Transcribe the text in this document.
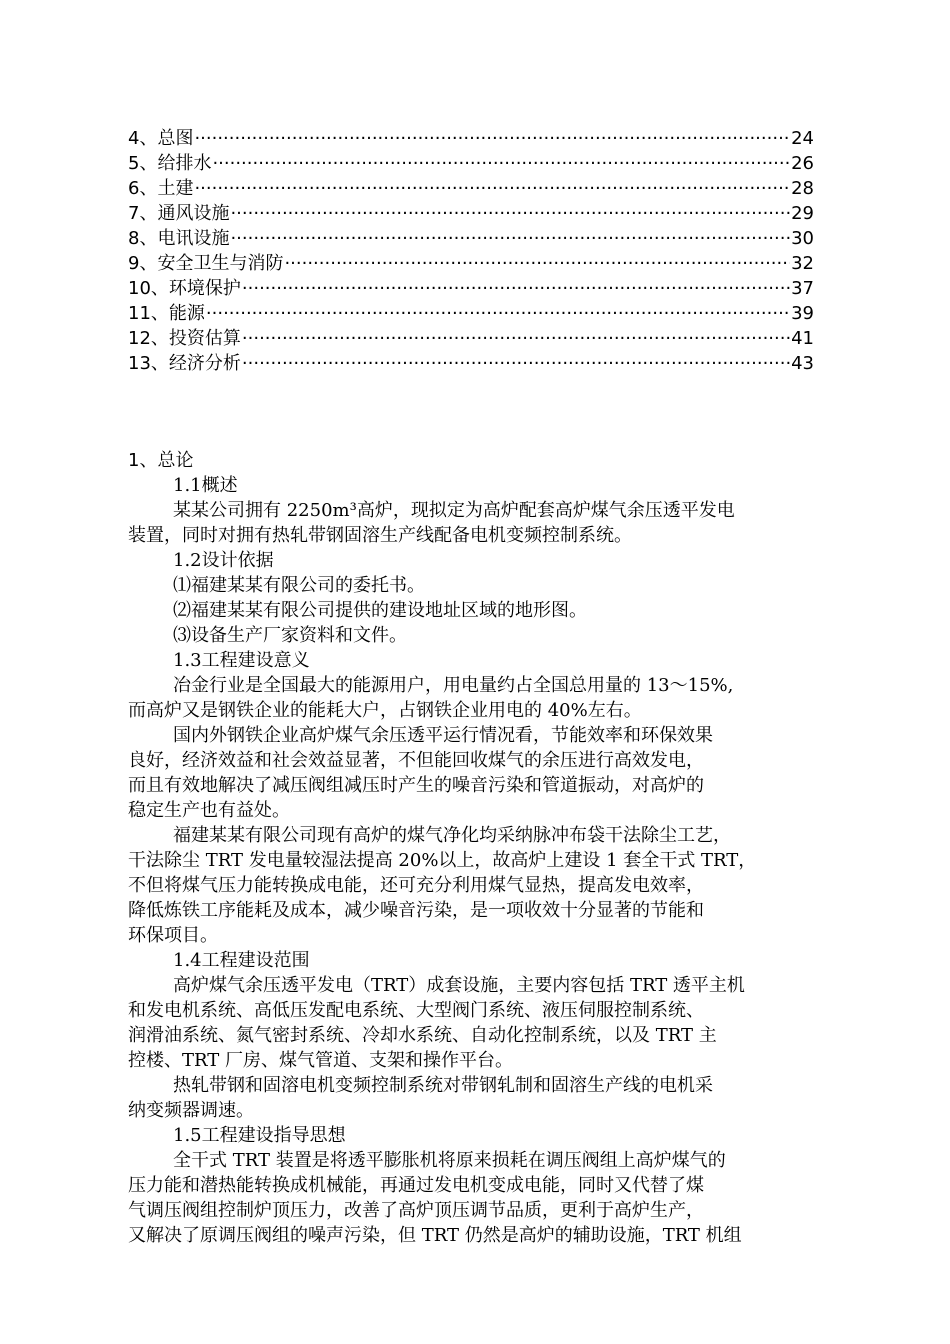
4、总图 ·····	24
5、给排水 ·····	26
6、土建 ·····	28
7、通风设施 ·····	29
8、电讯设施 ·····	30
9、安全卫生与消防 ·····	32
10、环境保护 ·····	37
11、能源 ·····	39
12、投资估算 ·····	41
13、经济分析 ·····	43
1、总论
1.1概述
某某公司拥有 2250m³高炉，现拟定为高炉配套高炉煤气余压透平发电
装置，同时对拥有热轧带钢固溶生产线配备电机变频控制系统。
1.2设计依据
⑴福建某某有限公司的委托书。
⑵福建某某有限公司提供的建设地址区域的地形图。
⑶设备生产厂家资料和文件。
1.3工程建设意义
冶金行业是全国最大的能源用户，用电量约占全国总用量的 13～15%,
而高炉又是钢铁企业的能耗大户，占钢铁企业用电的 40%左右。
国内外钢铁企业高炉煤气余压透平运行情况看，节能效率和环保效果
良好，经济效益和社会效益显著，不但能回收煤气的余压进行高效发电，
而且有效地解决了减压阀组减压时产生的噪音污染和管道振动，对高炉的
稳定生产也有益处。
福建某某有限公司现有高炉的煤气净化均采纳脉冲布袋干法除尘工艺，
干法除尘 TRT 发电量较湿法提高 20%以上，故高炉上建设 1 套全干式 TRT，
不但将煤气压力能转换成电能，还可充分利用煤气显热，提高发电效率，
降低炼铁工序能耗及成本，减少噪音污染，是一项收效十分显著的节能和
环保项目。
1.4工程建设范围
高炉煤气余压透平发电（TRT）成套设施，主要内容包括 TRT 透平主机
和发电机系统、高低压发配电系统、大型阀门系统、液压伺服控制系统、
润滑油系统、氮气密封系统、冷却水系统、自动化控制系统，以及 TRT 主
控楼、TRT 厂房、煤气管道、支架和操作平台。
热轧带钢和固溶电机变频控制系统对带钢轧制和固溶生产线的电机采
纳变频器调速。
1.5工程建设指导思想
全干式 TRT 装置是将透平膨胀机将原来损耗在调压阀组上高炉煤气的
压力能和潜热能转换成机械能，再通过发电机变成电能，同时又代替了煤
气调压阀组控制炉顶压力，改善了高炉顶压调节品质，更利于高炉生产，
又解决了原调压阀组的噪声污染，但 TRT 仍然是高炉的辅助设施，TRT 机组
